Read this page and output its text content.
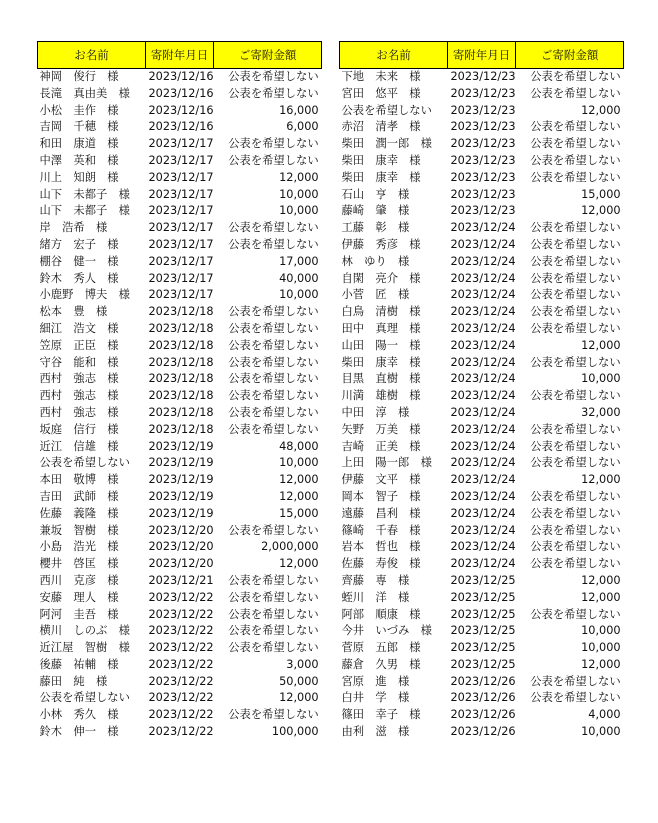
お名前	寄附年月日	ご寄附金額
神岡　俊行　様	2023/12/16	公表を希望しない
長滝　真由美　様	2023/12/16	公表を希望しない
小松　圭作　様	2023/12/16	16,000
吉岡　千穂　様	2023/12/16	6,000
和田　康道　様	2023/12/17	公表を希望しない
中澤　英和　様	2023/12/17	公表を希望しない
川上　知朗　様	2023/12/17	12,000
山下　未都子　様	2023/12/17	10,000
山下　未都子　様	2023/12/17	10,000
岸　浩希　様	2023/12/17	公表を希望しない
緒方　宏子　様	2023/12/17	公表を希望しない
棚谷　健一　様	2023/12/17	17,000
鈴木　秀人　様	2023/12/17	40,000
小鹿野　博夫　様	2023/12/17	10,000
松本　豊　様	2023/12/18	公表を希望しない
細江　浩文　様	2023/12/18	公表を希望しない
笠原　正臣　様	2023/12/18	公表を希望しない
守谷　能和　様	2023/12/18	公表を希望しない
西村　強志　様	2023/12/18	公表を希望しない
西村　強志　様	2023/12/18	公表を希望しない
西村　強志　様	2023/12/18	公表を希望しない
坂庭　信行　様	2023/12/18	公表を希望しない
近江　信雄　様	2023/12/19	48,000
公表を希望しない	2023/12/19	10,000
本田　敬博　様	2023/12/19	12,000
吉田　武師　様	2023/12/19	12,000
佐藤　義隆　様	2023/12/19	15,000
兼坂　智樹　様	2023/12/20	公表を希望しない
小島　浩光　様	2023/12/20	2,000,000
櫻井　啓匡　様	2023/12/20	12,000
西川　克彦　様	2023/12/21	公表を希望しない
安藤　理人　様	2023/12/22	公表を希望しない
阿河　圭吾　様	2023/12/22	公表を希望しない
横川　しのぶ　様	2023/12/22	公表を希望しない
近江屋　智樹　様	2023/12/22	公表を希望しない
後藤　祐輔　様	2023/12/22	3,000
藤田　純　様	2023/12/22	50,000
公表を希望しない	2023/12/22	12,000
小林　秀久　様	2023/12/22	公表を希望しない
鈴木　伸一　様	2023/12/22	100,000
お名前	寄附年月日	ご寄附金額
下地　未来　様	2023/12/23	公表を希望しない
宮田　悠平　様	2023/12/23	公表を希望しない
公表を希望しない	2023/12/23	12,000
赤沼　清孝　様	2023/12/23	公表を希望しない
柴田　潤一郎　様	2023/12/23	公表を希望しない
柴田　康幸　様	2023/12/23	公表を希望しない
柴田　康幸　様	2023/12/23	公表を希望しない
石山　亨　様	2023/12/23	15,000
藤崎　肇　様	2023/12/23	12,000
工藤　彰　様	2023/12/24	公表を希望しない
伊藤　秀彦　様	2023/12/24	公表を希望しない
林　ゆり　様	2023/12/24	公表を希望しない
自閑　亮介　様	2023/12/24	公表を希望しない
小菅　匠　様	2023/12/24	公表を希望しない
白鳥　清樹　様	2023/12/24	公表を希望しない
田中　真理　様	2023/12/24	公表を希望しない
山田　陽一　様	2023/12/24	12,000
柴田　康幸　様	2023/12/24	公表を希望しない
目黒　直樹　様	2023/12/24	10,000
川満　雄樹　様	2023/12/24	公表を希望しない
中田　淳　様	2023/12/24	32,000
矢野　万美　様	2023/12/24	公表を希望しない
吉崎　正美　様	2023/12/24	公表を希望しない
上田　陽一郎　様	2023/12/24	公表を希望しない
伊藤　文平　様	2023/12/24	12,000
岡本　智子　様	2023/12/24	公表を希望しない
遠藤　昌利　様	2023/12/24	公表を希望しない
篠崎　千春　様	2023/12/24	公表を希望しない
岩本　哲也　様	2023/12/24	公表を希望しない
佐藤　寿俊　様	2023/12/24	公表を希望しない
齊藤　専　様	2023/12/25	12,000
蛭川　洋　様	2023/12/25	12,000
阿部　順康　様	2023/12/25	公表を希望しない
今井　いづみ　様	2023/12/25	10,000
菅原　五郎　様	2023/12/25	10,000
藤倉　久男　様	2023/12/25	12,000
宮原　進　様	2023/12/26	公表を希望しない
白井　学　様	2023/12/26	公表を希望しない
篠田　幸子　様	2023/12/26	4,000
由利　滋　様	2023/12/26	10,000
